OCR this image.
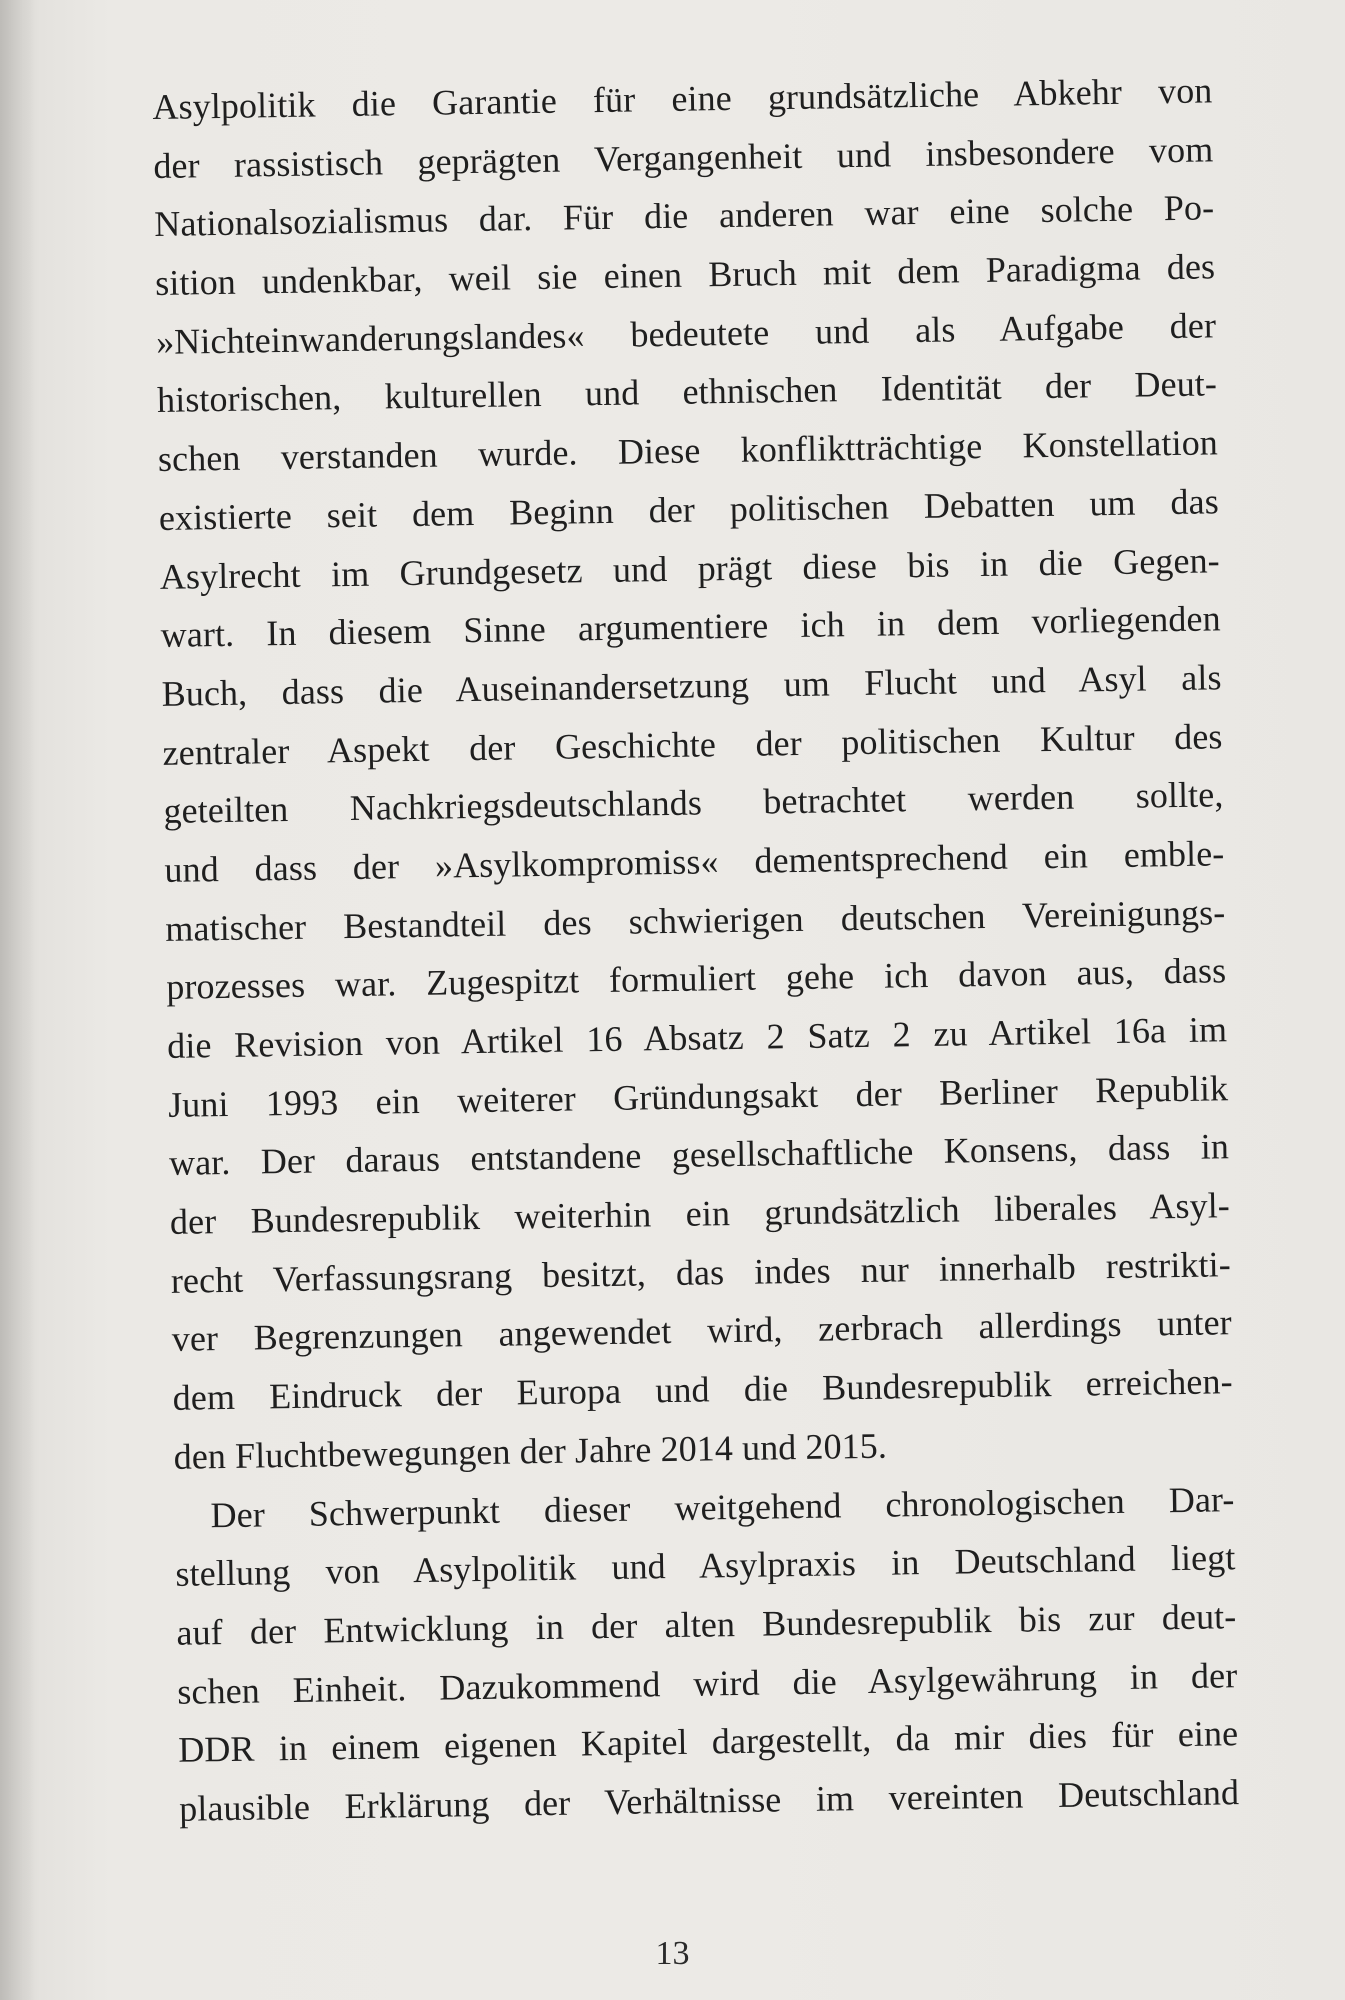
Asylpolitik die Garantie für eine grundsätzliche Abkehr von
der rassistisch geprägten Vergangenheit und insbesondere vom
Nationalsozialismus dar. Für die anderen war eine solche Po-
sition undenkbar, weil sie einen Bruch mit dem Paradigma des
»Nichteinwanderungslandes« bedeutete und als Aufgabe der
historischen, kulturellen und ethnischen Identität der Deut-
schen verstanden wurde. Diese konfliktträchtige Konstellation
existierte seit dem Beginn der politischen Debatten um das
Asylrecht im Grundgesetz und prägt diese bis in die Gegen-
wart. In diesem Sinne argumentiere ich in dem vorliegenden
Buch, dass die Auseinandersetzung um Flucht und Asyl als
zentraler Aspekt der Geschichte der politischen Kultur des
geteilten Nachkriegsdeutschlands betrachtet werden sollte,
und dass der »Asylkompromiss« dementsprechend ein emble-
matischer Bestandteil des schwierigen deutschen Vereinigungs-
prozesses war. Zugespitzt formuliert gehe ich davon aus, dass
die Revision von Artikel 16 Absatz 2 Satz 2 zu Artikel 16a im
Juni 1993 ein weiterer Gründungsakt der Berliner Republik
war. Der daraus entstandene gesellschaftliche Konsens, dass in
der Bundesrepublik weiterhin ein grundsätzlich liberales Asyl-
recht Verfassungsrang besitzt, das indes nur innerhalb restrikti-
ver Begrenzungen angewendet wird, zerbrach allerdings unter
dem Eindruck der Europa und die Bundesrepublik erreichen-
den Fluchtbewegungen der Jahre 2014 und 2015.
Der Schwerpunkt dieser weitgehend chronologischen Dar-
stellung von Asylpolitik und Asylpraxis in Deutschland liegt
auf der Entwicklung in der alten Bundesrepublik bis zur deut-
schen Einheit. Dazukommend wird die Asylgewährung in der
DDR in einem eigenen Kapitel dargestellt, da mir dies für eine
plausible Erklärung der Verhältnisse im vereinten Deutschland
13
